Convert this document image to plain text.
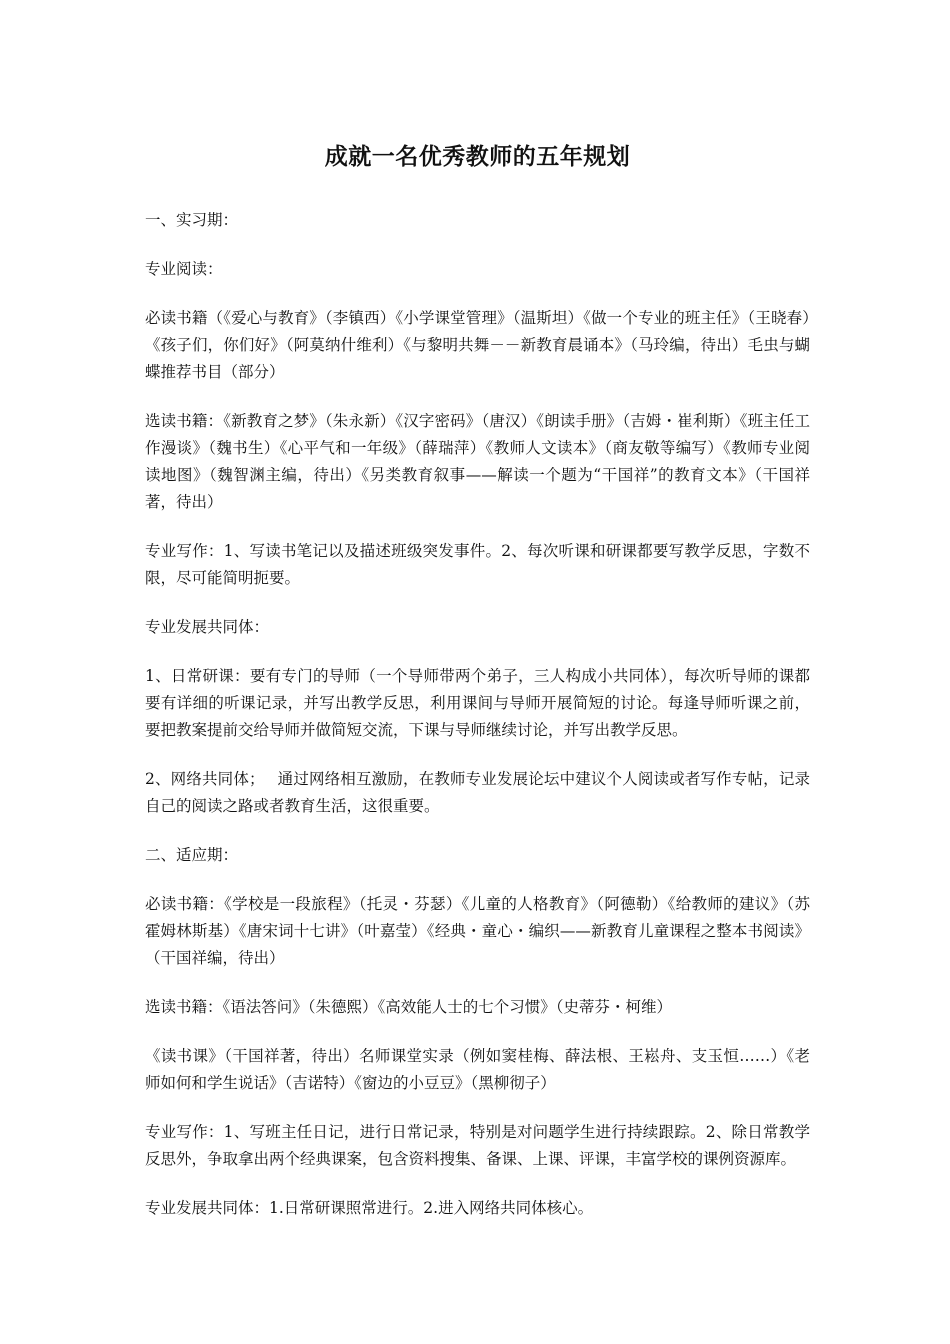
成就一名优秀教师的五年规划

一、实习期：

专业阅读：

必读书籍（《爱心与教育》（李镇西）《小学课堂管理》（温斯坦）《做一个专业的班主任》（王晓春）《孩子们，你们好》（阿莫纳什维利）《与黎明共舞－－新教育晨诵本》（马玲编，待出）毛虫与蝴蝶推荐书目（部分）

选读书籍：《新教育之梦》（朱永新）《汉字密码》（唐汉）《朗读手册》（吉姆・崔利斯）《班主任工作漫谈》（魏书生）《心平气和一年级》（薛瑞萍）《教师人文读本》（商友敬等编写）《教师专业阅读地图》（魏智渊主编，待出）《另类教育叙事——解读一个题为“干国祥”的教育文本》（干国祥著，待出）

专业写作：1、写读书笔记以及描述班级突发事件。2、每次听课和研课都要写教学反思，字数不限，尽可能简明扼要。

专业发展共同体：

1、日常研课：要有专门的导师（一个导师带两个弟子，三人构成小共同体），每次听导师的课都要有详细的听课记录，并写出教学反思，利用课间与导师开展简短的讨论。每逢导师听课之前，要把教案提前交给导师并做简短交流，下课与导师继续讨论，并写出教学反思。

2、网络共同体；　 通过网络相互激励，在教师专业发展论坛中建议个人阅读或者写作专帖，记录自己的阅读之路或者教育生活，这很重要。

二、适应期：

必读书籍：《学校是一段旅程》（托灵・芬瑟）《儿童的人格教育》（阿德勒）《给教师的建议》（苏霍姆林斯基）《唐宋词十七讲》（叶嘉莹）《经典・童心・编织——新教育儿童课程之整本书阅读》（干国祥编，待出）

选读书籍：《语法答问》（朱德熙）《高效能人士的七个习惯》（史蒂芬・柯维）

《读书课》（干国祥著，待出）名师课堂实录（例如窦桂梅、薛法根、王崧舟、支玉恒……）《老师如何和学生说话》（吉诺特）《窗边的小豆豆》（黑柳彻子）

专业写作：1、写班主任日记，进行日常记录，特别是对问题学生进行持续跟踪。2、除日常教学反思外，争取拿出两个经典课案，包含资料搜集、备课、上课、评课，丰富学校的课例资源库。

专业发展共同体：1.日常研课照常进行。2.进入网络共同体核心。
